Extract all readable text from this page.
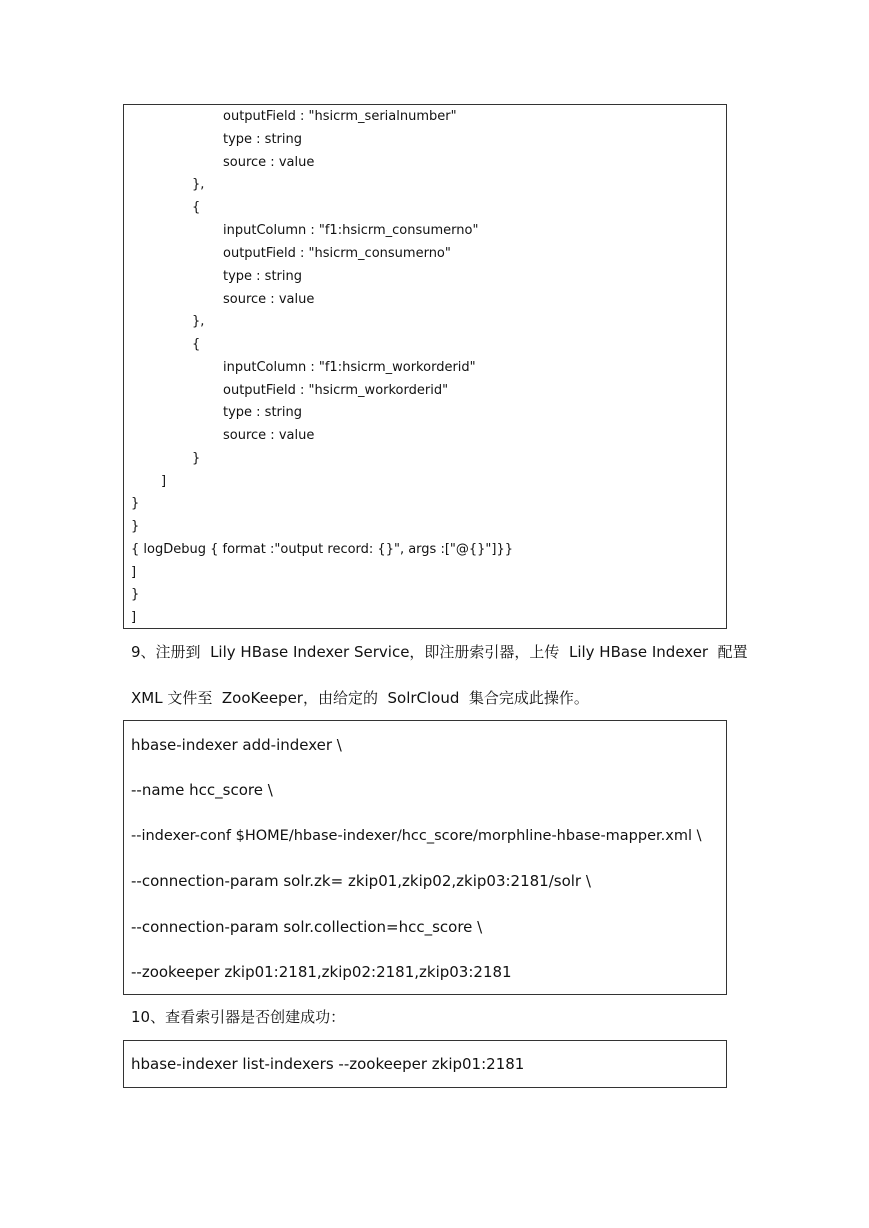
outputField : "hsicrm_serialnumber"
type : string
source : value
},
{
inputColumn : "f1:hsicrm_consumerno"
outputField : "hsicrm_consumerno"
type : string
source : value
},
{
inputColumn : "f1:hsicrm_workorderid"
outputField : "hsicrm_workorderid"
type : string
source : value
}
]
}
}
{ logDebug { format :"output record: {}", args :["@{}"]}}
]
}
]
9、注册到  Lily HBase Indexer Service，即注册索引器，上传  Lily HBase Indexer  配置
XML 文件至  ZooKeeper，由给定的  SolrCloud  集合完成此操作。
hbase-indexer add-indexer \
--name hcc_score \
--indexer-conf $HOME/hbase-indexer/hcc_score/morphline-hbase-mapper.xml \
--connection-param solr.zk= zkip01,zkip02,zkip03:2181/solr \
--connection-param solr.collection=hcc_score \
--zookeeper zkip01:2181,zkip02:2181,zkip03:2181
10、查看索引器是否创建成功：
hbase-indexer list-indexers --zookeeper zkip01:2181
